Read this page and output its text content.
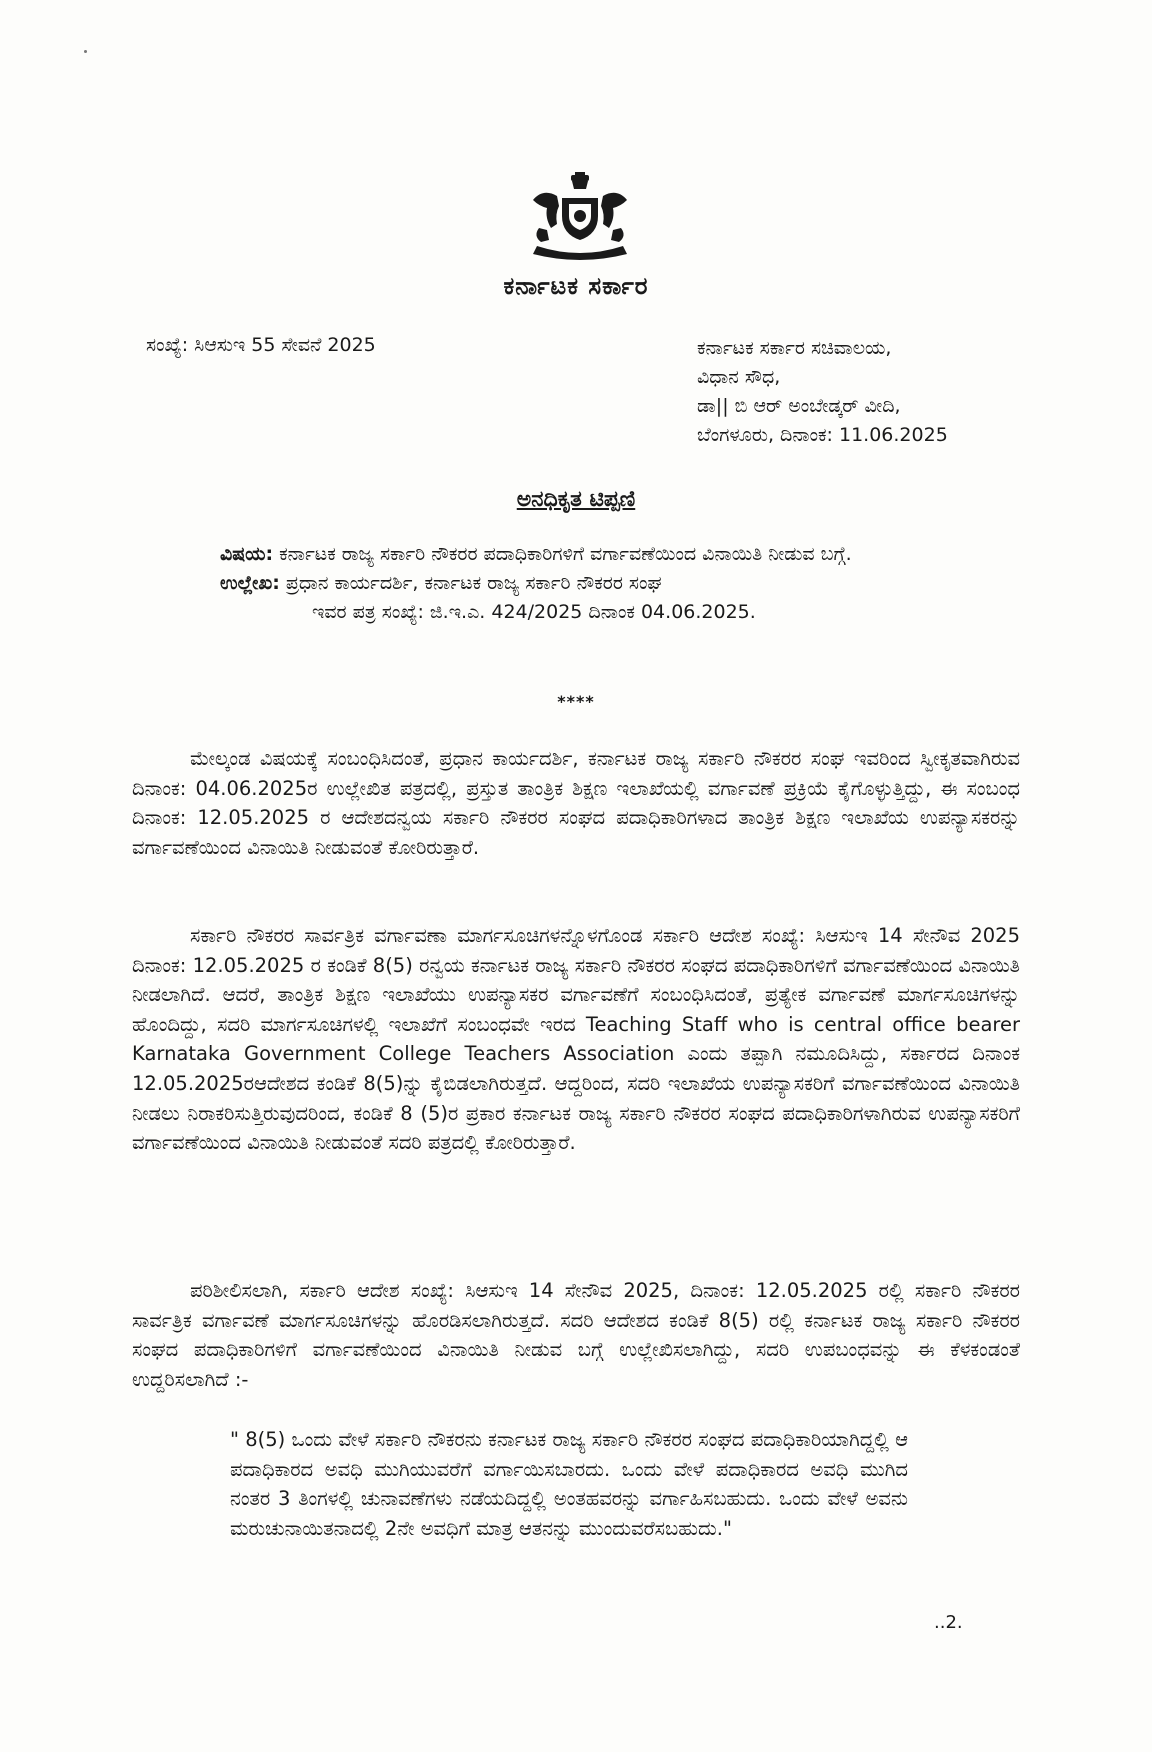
ಕರ್ನಾಟಕ ಸರ್ಕಾರ
ಸಂಖ್ಯೆ: ಸಿಆಸುಇ 55 ಸೇವನೆ 2025	ಕರ್ನಾಟಕ ಸರ್ಕಾರ ಸಚಿವಾಲಯ,
ವಿಧಾನ ಸೌಧ,
ಡಾ|| ಬಿ ಆರ್ ಅಂಬೇಡ್ಕರ್ ವೀದಿ,
ಬೆಂಗಳೂರು, ದಿನಾಂಕ: 11.06.2025
ಅನಧಿಕೃತ ಟಿಪ್ಪಣಿ
ವಿಷಯ: ಕರ್ನಾಟಕ ರಾಜ್ಯ ಸರ್ಕಾರಿ ನೌಕರರ ಪದಾಧಿಕಾರಿಗಳಿಗೆ ವರ್ಗಾವಣೆಯಿಂದ ವಿನಾಯಿತಿ ನೀಡುವ ಬಗ್ಗೆ.
ಉಲ್ಲೇಖ: ಪ್ರಧಾನ ಕಾರ್ಯದರ್ಶಿ, ಕರ್ನಾಟಕ ರಾಜ್ಯ ಸರ್ಕಾರಿ ನೌಕರರ ಸಂಘ
ಇವರ ಪತ್ರ ಸಂಖ್ಯೆ: ಜಿ.ಇ.ಎ. 424/2025 ದಿನಾಂಕ 04.06.2025.
****
ಮೇಲ್ಕಂಡ ವಿಷಯಕ್ಕೆ ಸಂಬಂಧಿಸಿದಂತೆ, ಪ್ರಧಾನ ಕಾರ್ಯದರ್ಶಿ, ಕರ್ನಾಟಕ ರಾಜ್ಯ ಸರ್ಕಾರಿ ನೌಕರರ ಸಂಘ ಇವರಿಂದ ಸ್ವೀಕೃತವಾಗಿರುವ ದಿನಾಂಕ: 04.06.2025ರ ಉಲ್ಲೇಖಿತ ಪತ್ರದಲ್ಲಿ, ಪ್ರಸ್ತುತ ತಾಂತ್ರಿಕ ಶಿಕ್ಷಣ ಇಲಾಖೆಯಲ್ಲಿ ವರ್ಗಾವಣೆ ಪ್ರಕ್ರಿಯೆ ಕೈಗೊಳ್ಳುತ್ತಿದ್ದು, ಈ ಸಂಬಂಧ ದಿನಾಂಕ: 12.05.2025 ರ ಆದೇಶದನ್ವಯ ಸರ್ಕಾರಿ ನೌಕರರ ಸಂಘದ ಪದಾಧಿಕಾರಿಗಳಾದ ತಾಂತ್ರಿಕ ಶಿಕ್ಷಣ ಇಲಾಖೆಯ ಉಪನ್ಯಾಸಕರನ್ನು ವರ್ಗಾವಣೆಯಿಂದ ವಿನಾಯಿತಿ ನೀಡುವಂತೆ ಕೋರಿರುತ್ತಾರೆ.
ಸರ್ಕಾರಿ ನೌಕರರ ಸಾರ್ವತ್ರಿಕ ವರ್ಗಾವಣಾ ಮಾರ್ಗಸೂಚಿಗಳನ್ನೊಳಗೊಂಡ ಸರ್ಕಾರಿ ಆದೇಶ ಸಂಖ್ಯೆ: ಸಿಆಸುಇ 14 ಸೇನೌವ 2025 ದಿನಾಂಕ: 12.05.2025 ರ ಕಂಡಿಕೆ 8(5) ರನ್ವಯ ಕರ್ನಾಟಕ ರಾಜ್ಯ ಸರ್ಕಾರಿ ನೌಕರರ ಸಂಘದ ಪದಾಧಿಕಾರಿಗಳಿಗೆ ವರ್ಗಾವಣೆಯಿಂದ ವಿನಾಯಿತಿ ನೀಡಲಾಗಿದೆ. ಆದರೆ, ತಾಂತ್ರಿಕ ಶಿಕ್ಷಣ ಇಲಾಖೆಯು ಉಪನ್ಯಾಸಕರ ವರ್ಗಾವಣೆಗೆ ಸಂಬಂಧಿಸಿದಂತೆ, ಪ್ರತ್ಯೇಕ ವರ್ಗಾವಣೆ ಮಾರ್ಗಸೂಚಿಗಳನ್ನು ಹೊಂದಿದ್ದು, ಸದರಿ ಮಾರ್ಗಸೂಚಿಗಳಲ್ಲಿ ಇಲಾಖೆಗೆ ಸಂಬಂಧವೇ ಇರದ Teaching Staff who is central office bearer Karnataka Government College Teachers Association ಎಂದು ತಪ್ಪಾಗಿ ನಮೂದಿಸಿದ್ದು, ಸರ್ಕಾರದ ದಿನಾಂಕ 12.05.2025ರಆದೇಶದ ಕಂಡಿಕೆ 8(5)ನ್ನು ಕೈಬಿಡಲಾಗಿರುತ್ತದೆ. ಆದ್ದರಿಂದ, ಸದರಿ ಇಲಾಖೆಯ ಉಪನ್ಯಾಸಕರಿಗೆ ವರ್ಗಾವಣೆಯಿಂದ ವಿನಾಯಿತಿ ನೀಡಲು ನಿರಾಕರಿಸುತ್ತಿರುವುದರಿಂದ, ಕಂಡಿಕೆ 8 (5)ರ ಪ್ರಕಾರ ಕರ್ನಾಟಕ ರಾಜ್ಯ ಸರ್ಕಾರಿ ನೌಕರರ ಸಂಘದ ಪದಾಧಿಕಾರಿಗಳಾಗಿರುವ ಉಪನ್ಯಾಸಕರಿಗೆ ವರ್ಗಾವಣೆಯಿಂದ ವಿನಾಯಿತಿ ನೀಡುವಂತೆ ಸದರಿ ಪತ್ರದಲ್ಲಿ ಕೋರಿರುತ್ತಾರೆ.
ಪರಿಶೀಲಿಸಲಾಗಿ, ಸರ್ಕಾರಿ ಆದೇಶ ಸಂಖ್ಯೆ: ಸಿಆಸುಇ 14 ಸೇನೌವ 2025, ದಿನಾಂಕ: 12.05.2025 ರಲ್ಲಿ ಸರ್ಕಾರಿ ನೌಕರರ ಸಾರ್ವತ್ರಿಕ ವರ್ಗಾವಣೆ ಮಾರ್ಗಸೂಚಿಗಳನ್ನು ಹೊರಡಿಸಲಾಗಿರುತ್ತದೆ. ಸದರಿ ಆದೇಶದ ಕಂಡಿಕೆ 8(5) ರಲ್ಲಿ ಕರ್ನಾಟಕ ರಾಜ್ಯ ಸರ್ಕಾರಿ ನೌಕರರ ಸಂಘದ ಪದಾಧಿಕಾರಿಗಳಿಗೆ ವರ್ಗಾವಣೆಯಿಂದ ವಿನಾಯಿತಿ ನೀಡುವ ಬಗ್ಗೆ ಉಲ್ಲೇಖಿಸಲಾಗಿದ್ದು, ಸದರಿ ಉಪಬಂಧವನ್ನು ಈ ಕೆಳಕಂಡಂತೆ ಉದ್ದರಿಸಲಾಗಿದೆ :-
" 8(5) ಒಂದು ವೇಳೆ ಸರ್ಕಾರಿ ನೌಕರನು ಕರ್ನಾಟಕ ರಾಜ್ಯ ಸರ್ಕಾರಿ ನೌಕರರ ಸಂಘದ ಪದಾಧಿಕಾರಿಯಾಗಿದ್ದಲ್ಲಿ ಆ ಪದಾಧಿಕಾರದ ಅವಧಿ ಮುಗಿಯುವರೆಗೆ ವರ್ಗಾಯಿಸಬಾರದು. ಒಂದು ವೇಳೆ ಪದಾಧಿಕಾರದ ಅವಧಿ ಮುಗಿದ ನಂತರ 3 ತಿಂಗಳಲ್ಲಿ ಚುನಾವಣೆಗಳು ನಡೆಯದಿದ್ದಲ್ಲಿ ಅಂತಹವರನ್ನು ವರ್ಗಾಹಿಸಬಹುದು. ಒಂದು ವೇಳೆ ಅವನು ಮರುಚುನಾಯಿತನಾದಲ್ಲಿ 2ನೇ ಅವಧಿಗೆ ಮಾತ್ರ ಆತನನ್ನು ಮುಂದುವರೆಸಬಹುದು."
..2.
